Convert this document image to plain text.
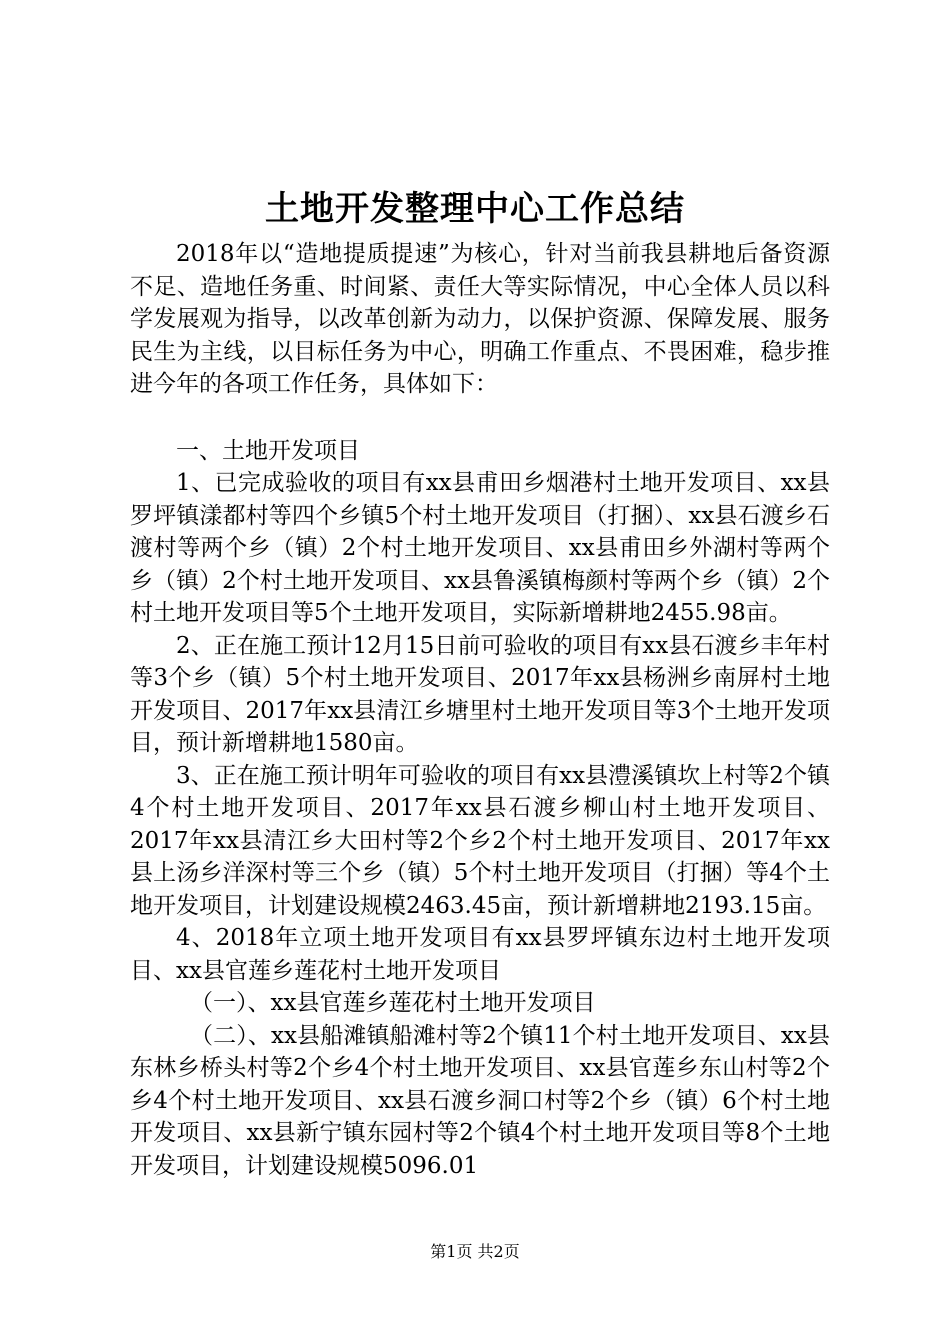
土地开发整理中心工作总结

2018年以“造地提质提速”为核心，针对当前我县耕地后备资源不足、造地任务重、时间紧、责任大等实际情况，中心全体人员以科学发展观为指导，以改革创新为动力，以保护资源、保障发展、服务民生为主线，以目标任务为中心，明确工作重点、不畏困难，稳步推进今年的各项工作任务，具体如下：

一、土地开发项目

1、已完成验收的项目有xx县甫田乡烟港村土地开发项目、xx县罗坪镇漾都村等四个乡镇5个村土地开发项目（打捆）、xx县石渡乡石渡村等两个乡（镇）2个村土地开发项目、xx县甫田乡外湖村等两个乡（镇）2个村土地开发项目、xx县鲁溪镇梅颜村等两个乡（镇）2个村土地开发项目等5个土地开发项目，实际新增耕地2455.98亩。

2、正在施工预计12月15日前可验收的项目有xx县石渡乡丰年村等3个乡（镇）5个村土地开发项目、2017年xx县杨洲乡南屏村土地开发项目、2017年xx县清江乡塘里村土地开发项目等3个土地开发项目，预计新增耕地1580亩。

3、正在施工预计明年可验收的项目有xx县澧溪镇坎上村等2个镇4个村土地开发项目、2017年xx县石渡乡柳山村土地开发项目、2017年xx县清江乡大田村等2个乡2个村土地开发项目、2017年xx县上汤乡洋深村等三个乡（镇）5个村土地开发项目（打捆）等4个土地开发项目，计划建设规模2463.45亩，预计新增耕地2193.15亩。

4、2018年立项土地开发项目有xx县罗坪镇东边村土地开发项目、xx县官莲乡莲花村土地开发项目

（一）、xx县官莲乡莲花村土地开发项目

（二）、xx县船滩镇船滩村等2个镇11个村土地开发项目、xx县东林乡桥头村等2个乡4个村土地开发项目、xx县官莲乡东山村等2个乡4个村土地开发项目、xx县石渡乡洞口村等2个乡（镇）6个村土地开发项目、xx县新宁镇东园村等2个镇4个村土地开发项目等8个土地开发项目，计划建设规模5096.01

第1页 共2页
